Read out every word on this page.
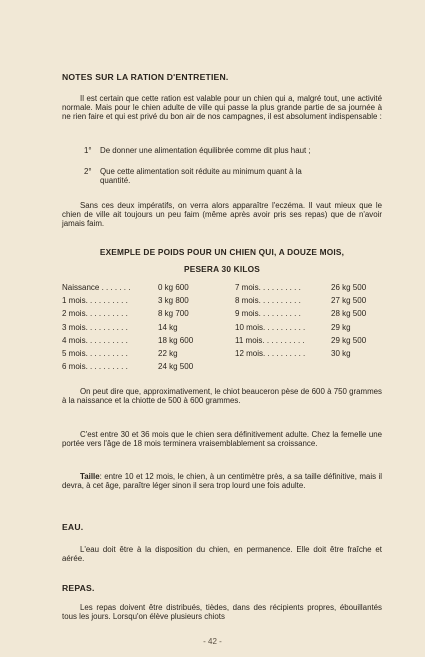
NOTES SUR LA RATION D'ENTRETIEN.
Il est certain que cette ration est valable pour un chien qui a, malgré tout, une activité normale. Mais pour le chien adulte de ville qui passe la plus grande partie de sa journée à ne rien faire et qui est privé du bon air de nos campagnes, il est absolument indispensable :
1° De donner une alimentation équilibrée comme dit plus haut ;
2° Que cette alimentation soit réduite au minimum quant à la
quantité.
Sans ces deux impératifs, on verra alors apparaître l'eczéma. Il vaut mieux que le chien de ville ait toujours un peu faim (même après avoir pris ses repas) que de n'avoir jamais faim.
EXEMPLE DE POIDS POUR UN CHIEN QUI, A DOUZE MOIS,
PESERA 30 KILOS
Naissance . . . . . . .	0 kg 600
1 mois. . . . . . . . . .	3 kg 800
2 mois. . . . . . . . . .	8 kg 700
3 mois. . . . . . . . . .	14 kg
4 mois. . . . . . . . . .	18 kg 600
5 mois. . . . . . . . . .	22 kg
6 mois. . . . . . . . . .	24 kg 500
7 mois. . . . . . . . . .	26 kg 500
8 mois. . . . . . . . . .	27 kg 500
9 mois. . . . . . . . . .	28 kg 500
10 mois. . . . . . . . . .	29 kg
11 mois. . . . . . . . . .	29 kg 500
12 mois. . . . . . . . . .	30 kg
On peut dire que, approximativement, le chiot beauceron pèse de 600 à 750 grammes à la naissance et la chiotte de 500 à 600 grammes.
C'est entre 30 et 36 mois que le chien sera définitivement adulte. Chez la femelle une portée vers l'âge de 18 mois terminera vraisemblablement sa croissance.
Taille: entre 10 et 12 mois, le chien, à un centimètre près, a sa taille définitive, mais il devra, à cet âge, paraître léger sinon il sera trop lourd une fois adulte.
EAU.
L'eau doit être à la disposition du chien, en permanence. Elle doit être fraîche et aérée.
REPAS.
Les repas doivent être distribués, tièdes, dans des récipients propres, ébouillantés tous les jours. Lorsqu'on élève plusieurs chiots
- 42 -
